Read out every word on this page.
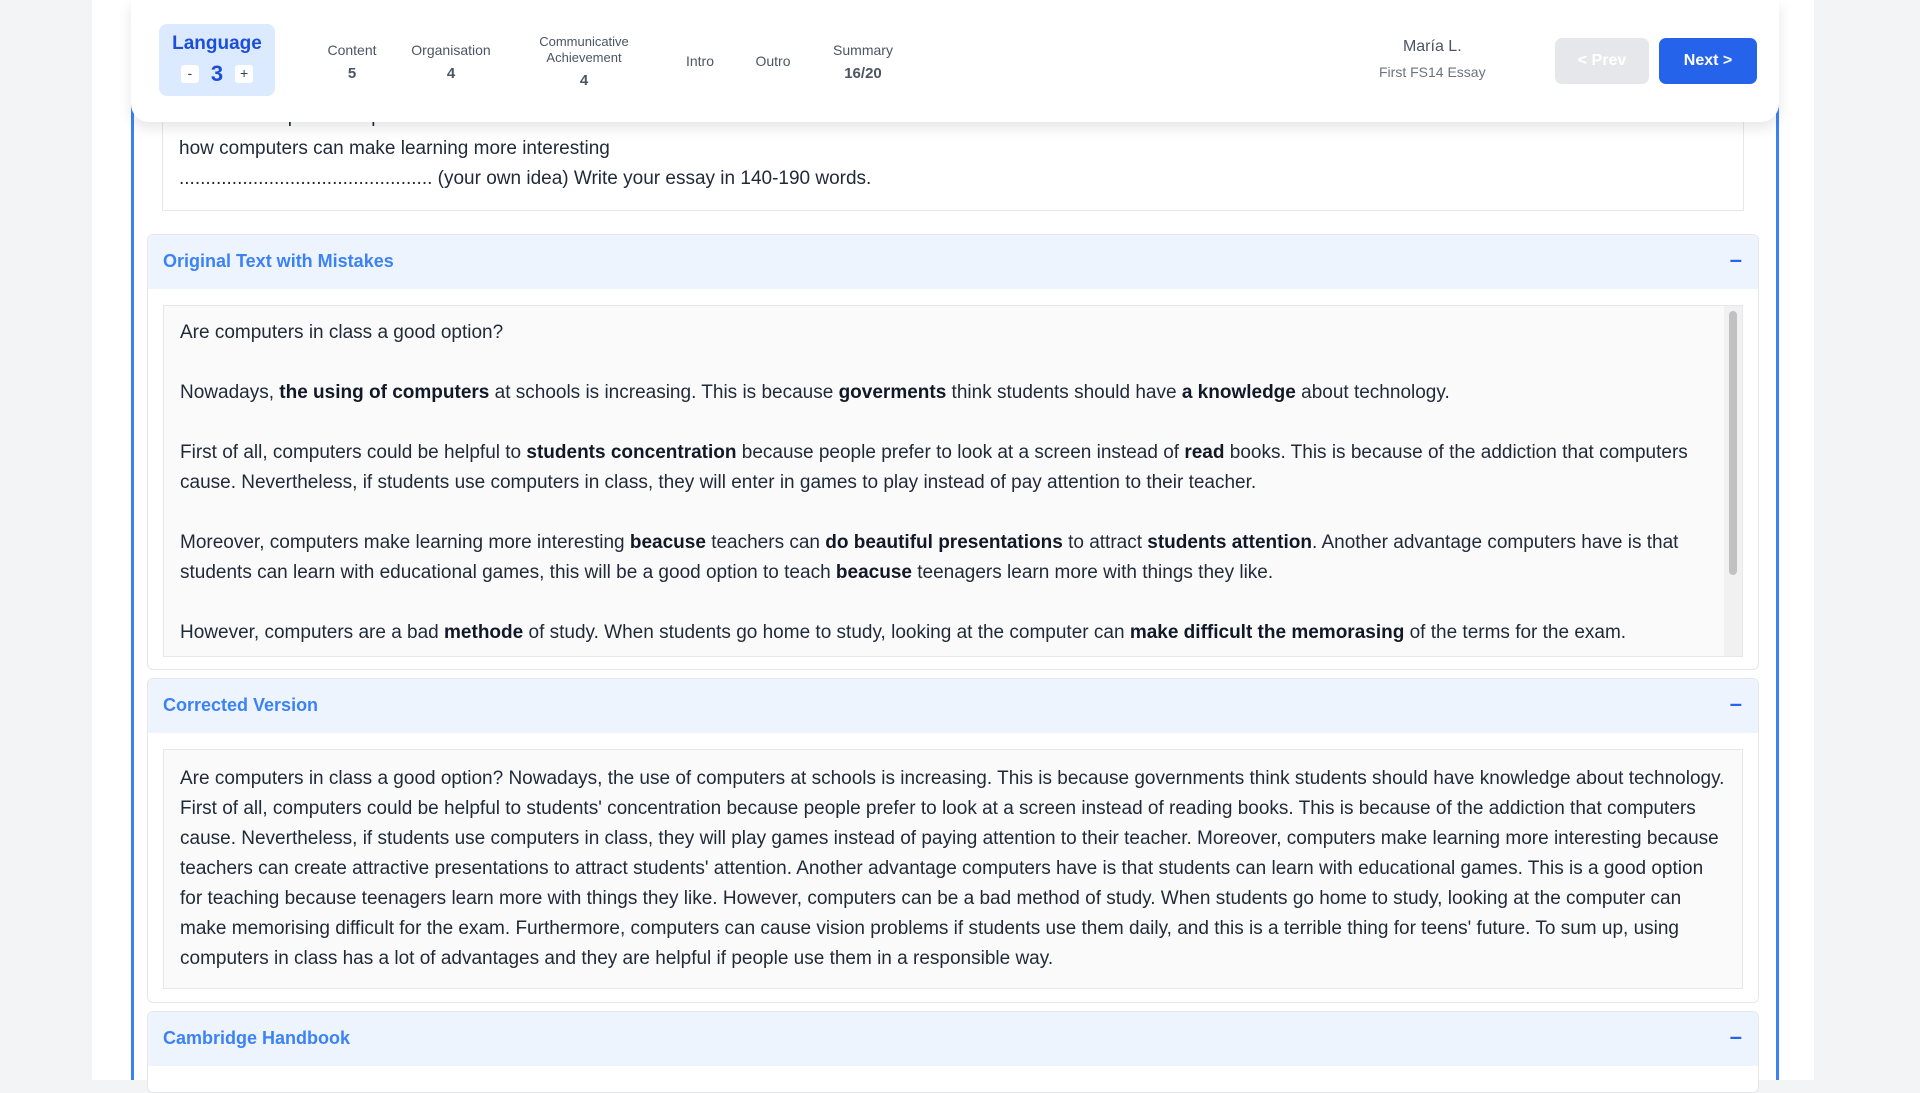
how computers can make learning more interesting
................................................ (your own idea) Write your essay in 140-190 words.
Language
- 3	+
Content
5
Organisation
4
Communicative Achievement
4
Intro	Outro
Summary
16/20
María L.
First FS14 Essay
< Prev	Next >
Original Text with Mistakes	–
Are computers in class a good option?
Nowadays, the using of computers at schools is increasing. This is because goverments think students should have a knowledge about technology.
First of all, computers could be helpful to students concentration because people prefer to look at a screen instead of read books. This is because of the addiction that computers cause. Nevertheless, if students use computers in class, they will enter in games to play instead of pay attention to their teacher.
Moreover, computers make learning more interesting beacuse teachers can do beautiful presentations to attract students attention. Another advantage computers have is that students can learn with educational games, this will be a good option to teach beacuse teenagers learn more with things they like.
However, computers are a bad methode of study. When students go home to study, looking at the computer can make difficult the memorasing of the terms for the exam.
Corrected Version	–
Are computers in class a good option? Nowadays, the use of computers at schools is increasing. This is because governments think students should have knowledge about technology. First of all, computers could be helpful to students' concentration because people prefer to look at a screen instead of reading books. This is because of the addiction that computers cause. Nevertheless, if students use computers in class, they will play games instead of paying attention to their teacher. Moreover, computers make learning more interesting because teachers can create attractive presentations to attract students' attention. Another advantage computers have is that students can learn with educational games. This is a good option for teaching because teenagers learn more with things they like. However, computers can be a bad method of study. When students go home to study, looking at the computer can make memorising difficult for the exam. Furthermore, computers can cause vision problems if students use them daily, and this is a terrible thing for teens' future. To sum up, using computers in class has a lot of advantages and they are helpful if people use them in a responsible way.
Cambridge Handbook	–
